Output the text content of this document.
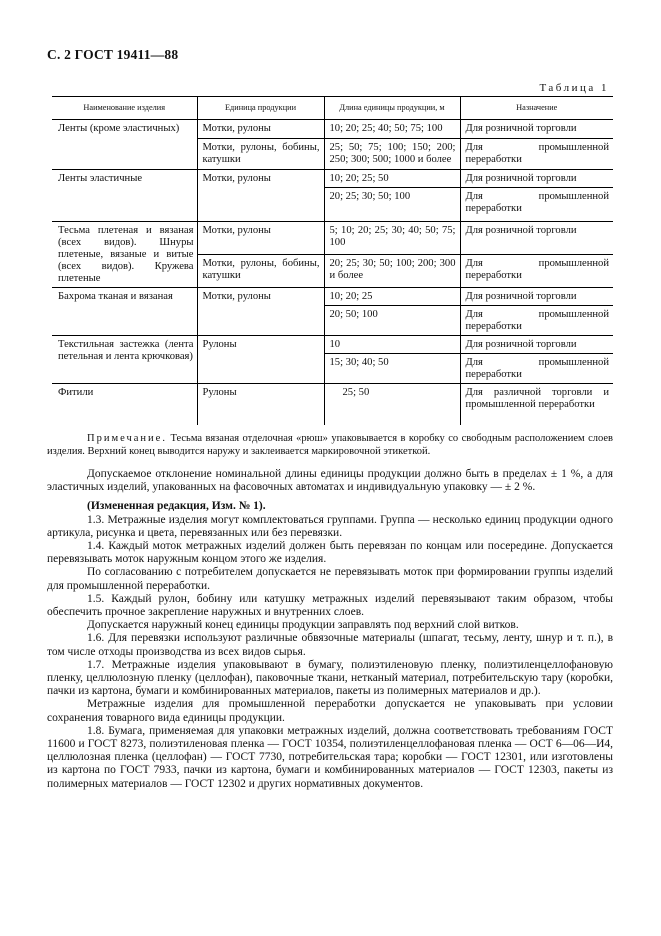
С. 2 ГОСТ 19411—88
Таблица 1
Наименование изделия	Единица продукции	Длина единицы продукции, м	Назначение
Ленты (кроме эластичных)	Мотки, рулоны	10; 20; 25; 40; 50; 75; 100	Для розничной торговли
	Мотки, рулоны, бобины, катушки	25; 50; 75; 100; 150; 200; 250; 300; 500; 1000 и более	Для промышленной переработки
Ленты эластичные	Мотки, рулоны	10; 20; 25; 50	Для розничной торговли
		20; 25; 30; 50; 100	Для промышленной переработки
Тесьма плетеная и вязаная (всех видов). Шнуры плетеные, вязаные и витые (всех видов). Кружева плетеные	Мотки, рулоны	5; 10; 20; 25; 30; 40; 50; 75; 100	Для розничной торговли
	Мотки, рулоны, бобины, катушки	20; 25; 30; 50; 100; 200; 300 и более	Для промышленной переработки
Бахрома тканая и вязаная	Мотки, рулоны	10; 20; 25	Для розничной торговли
		20; 50; 100	Для промышленной переработки
Текстильная застежка (лента петельная и лента крючковая)	Рулоны	10	Для розничной торговли
		15; 30; 40; 50	Для промышленной переработки
Фитили	Рулоны	25; 50	Для различной торговли и промышленной переработки
Примечание. Тесьма вязаная отделочная «рюш» упаковывается в коробку со свободным расположением слоев изделия. Верхний конец выводится наружу и заклеивается маркировочной этикеткой.

Допускаемое отклонение номинальной длины единицы продукции должно быть в пределах ± 1 %, а для эластичных изделий, упакованных на фасовочных автоматах и индивидуальную упаковку — ± 2 %.

(Измененная редакция, Изм. № 1).

1.3. Метражные изделия могут комплектоваться группами. Группа — несколько единиц продукции одного артикула, рисунка и цвета, перевязанных или без перевязки.

1.4. Каждый моток метражных изделий должен быть перевязан по концам или посередине. Допускается перевязывать моток наружным концом этого же изделия.

По согласованию с потребителем допускается не перевязывать моток при формировании группы изделий для промышленной переработки.

1.5. Каждый рулон, бобину или катушку метражных изделий перевязывают таким образом, чтобы обеспечить прочное закрепление наружных и внутренних слоев.

Допускается наружный конец единицы продукции заправлять под верхний слой витков.

1.6. Для перевязки используют различные обвязочные материалы (шпагат, тесьму, ленту, шнур и т. п.), в том числе отходы производства из всех видов сырья.

1.7. Метражные изделия упаковывают в бумагу, полиэтиленовую пленку, полиэтиленцеллофановую пленку, целлюлозную пленку (целлофан), паковочные ткани, нетканый материал, потребительскую тару (коробки, пачки из картона, бумаги и комбинированных материалов, пакеты из полимерных материалов и др.).

Метражные изделия для промышленной переработки допускается не упаковывать при условии сохранения товарного вида единицы продукции.

1.8. Бумага, применяемая для упаковки метражных изделий, должна соответствовать требованиям ГОСТ 11600 и ГОСТ 8273, полиэтиленовая пленка — ГОСТ 10354, полиэтиленцеллофановая пленка — ОСТ 6—06—И4, целлюлозная пленка (целлофан) — ГОСТ 7730, потребительская тара; коробки — ГОСТ 12301, или изготовлены из картона по ГОСТ 7933, пачки из картона, бумаги и комбинированных материалов — ГОСТ 12303, пакеты из полимерных материалов — ГОСТ 12302 и других нормативных документов.
